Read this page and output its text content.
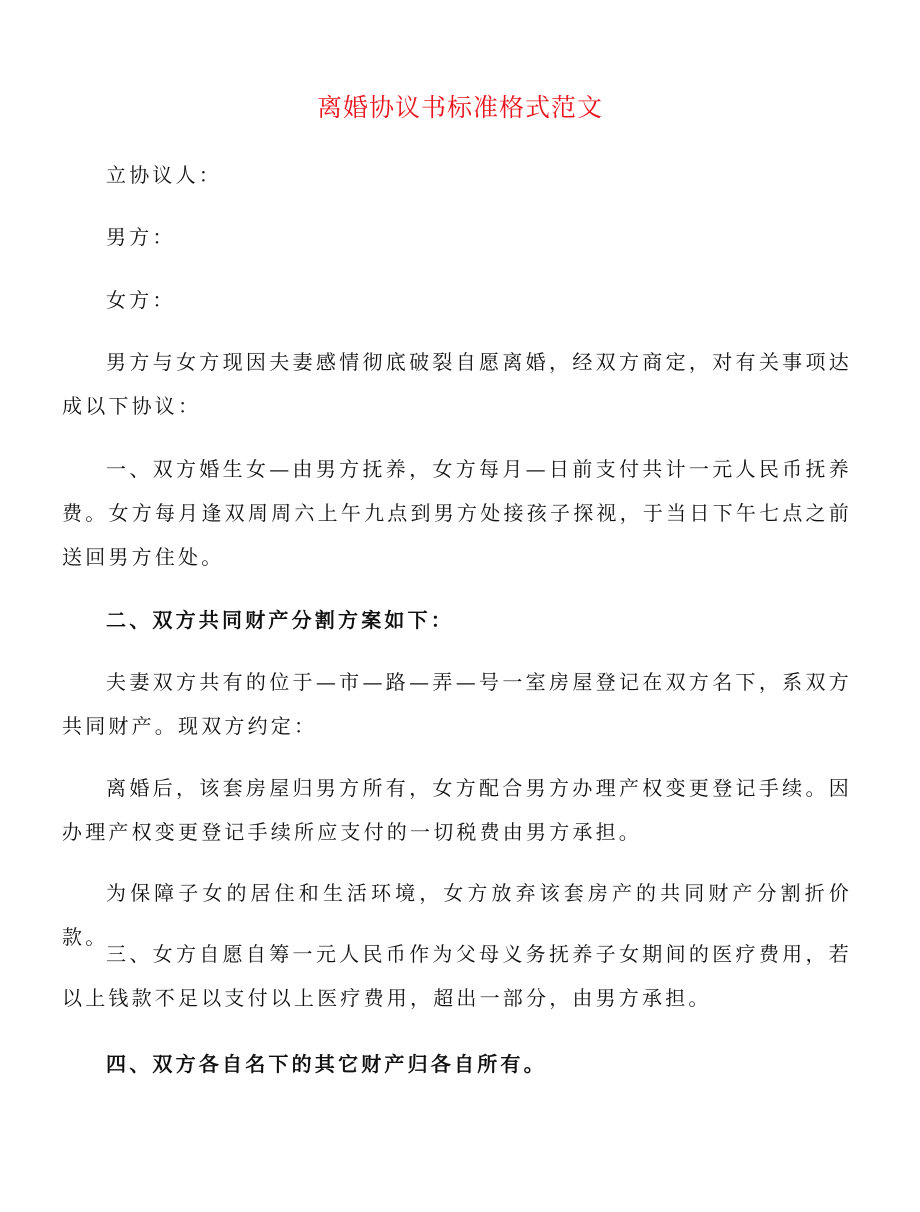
离婚协议书标准格式范文

立协议人：

男方：

女方：

男方与女方现因夫妻感情彻底破裂自愿离婚，经双方商定，对有关事项达成以下协议：

一、双方婚生女—由男方抚养，女方每月—日前支付共计一元人民币抚养费。女方每月逢双周周六上午九点到男方处接孩子探视，于当日下午七点之前送回男方住处。

二、双方共同财产分割方案如下：

夫妻双方共有的位于—市—路—弄—号一室房屋登记在双方名下，系双方共同财产。现双方约定：

离婚后，该套房屋归男方所有，女方配合男方办理产权变更登记手续。因办理产权变更登记手续所应支付的一切税费由男方承担。

为保障子女的居住和生活环境，女方放弃该套房产的共同财产分割折价款。

三、女方自愿自筹一元人民币作为父母义务抚养子女期间的医疗费用，若以上钱款不足以支付以上医疗费用，超出一部分，由男方承担。

四、双方各自名下的其它财产归各自所有。
